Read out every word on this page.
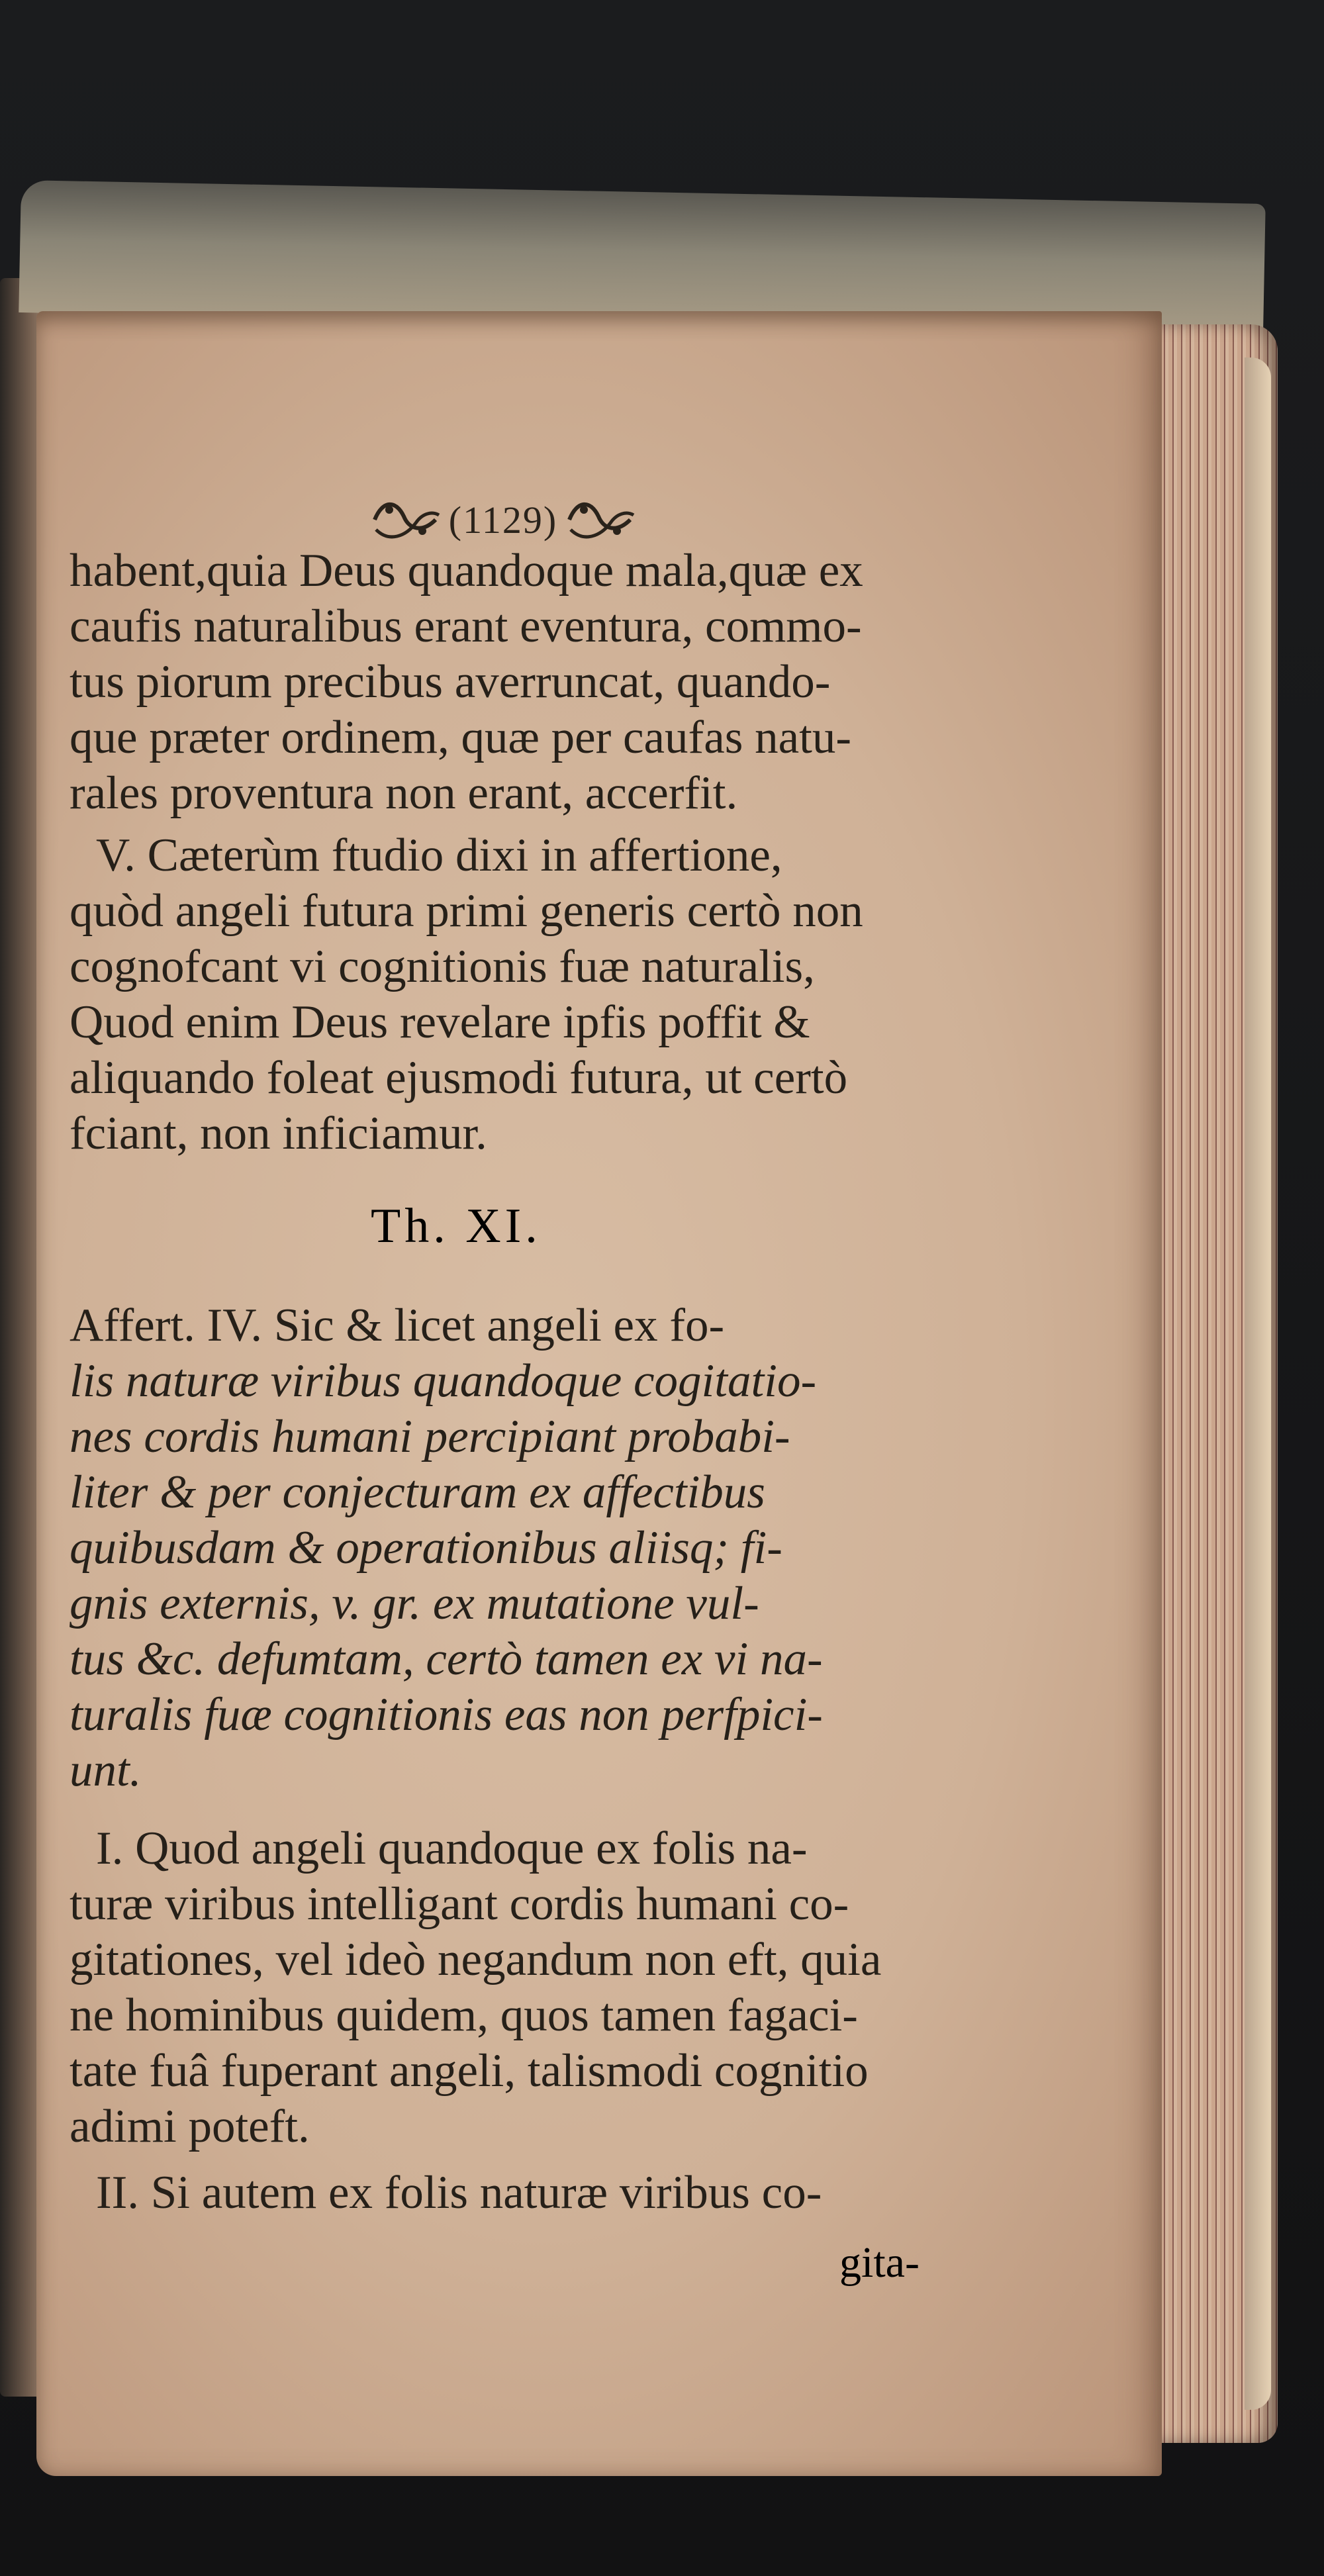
(1129)
habent,quia Deus quandoque mala,quæ ex
caufis naturalibus erant eventura, commo-
tus piorum precibus averruncat, quando-
que præter ordinem, quæ per caufas natu-
rales proventura non erant, accerfit.
V. Cæterùm ftudio dixi in affertione,
quòd angeli futura primi generis certò non
cognofcant vi cognitionis fuæ naturalis,
Quod enim Deus revelare ipfis poffit &
aliquando foleat ejusmodi futura, ut certò
fciant, non inficiamur.
Affert. IV. Sic & licet angeli ex fo-
lis naturæ viribus quandoque cogitatio-
nes cordis humani percipiant probabi-
liter & per conjecturam ex affectibus
quibusdam & operationibus aliisq; fi-
gnis externis, v. gr. ex mutatione vul-
tus &c. defumtam, certò tamen ex vi na-
turalis fuæ cognitionis eas non perfpici-
unt.
I. Quod angeli quandoque ex folis na-
turæ viribus intelligant cordis humani co-
gitationes, vel ideò negandum non eft, quia
ne hominibus quidem, quos tamen fagaci-
tate fuâ fuperant angeli, talismodi cognitio
adimi poteft.
II. Si autem ex folis naturæ viribus co-
Th. XI.
gita-
